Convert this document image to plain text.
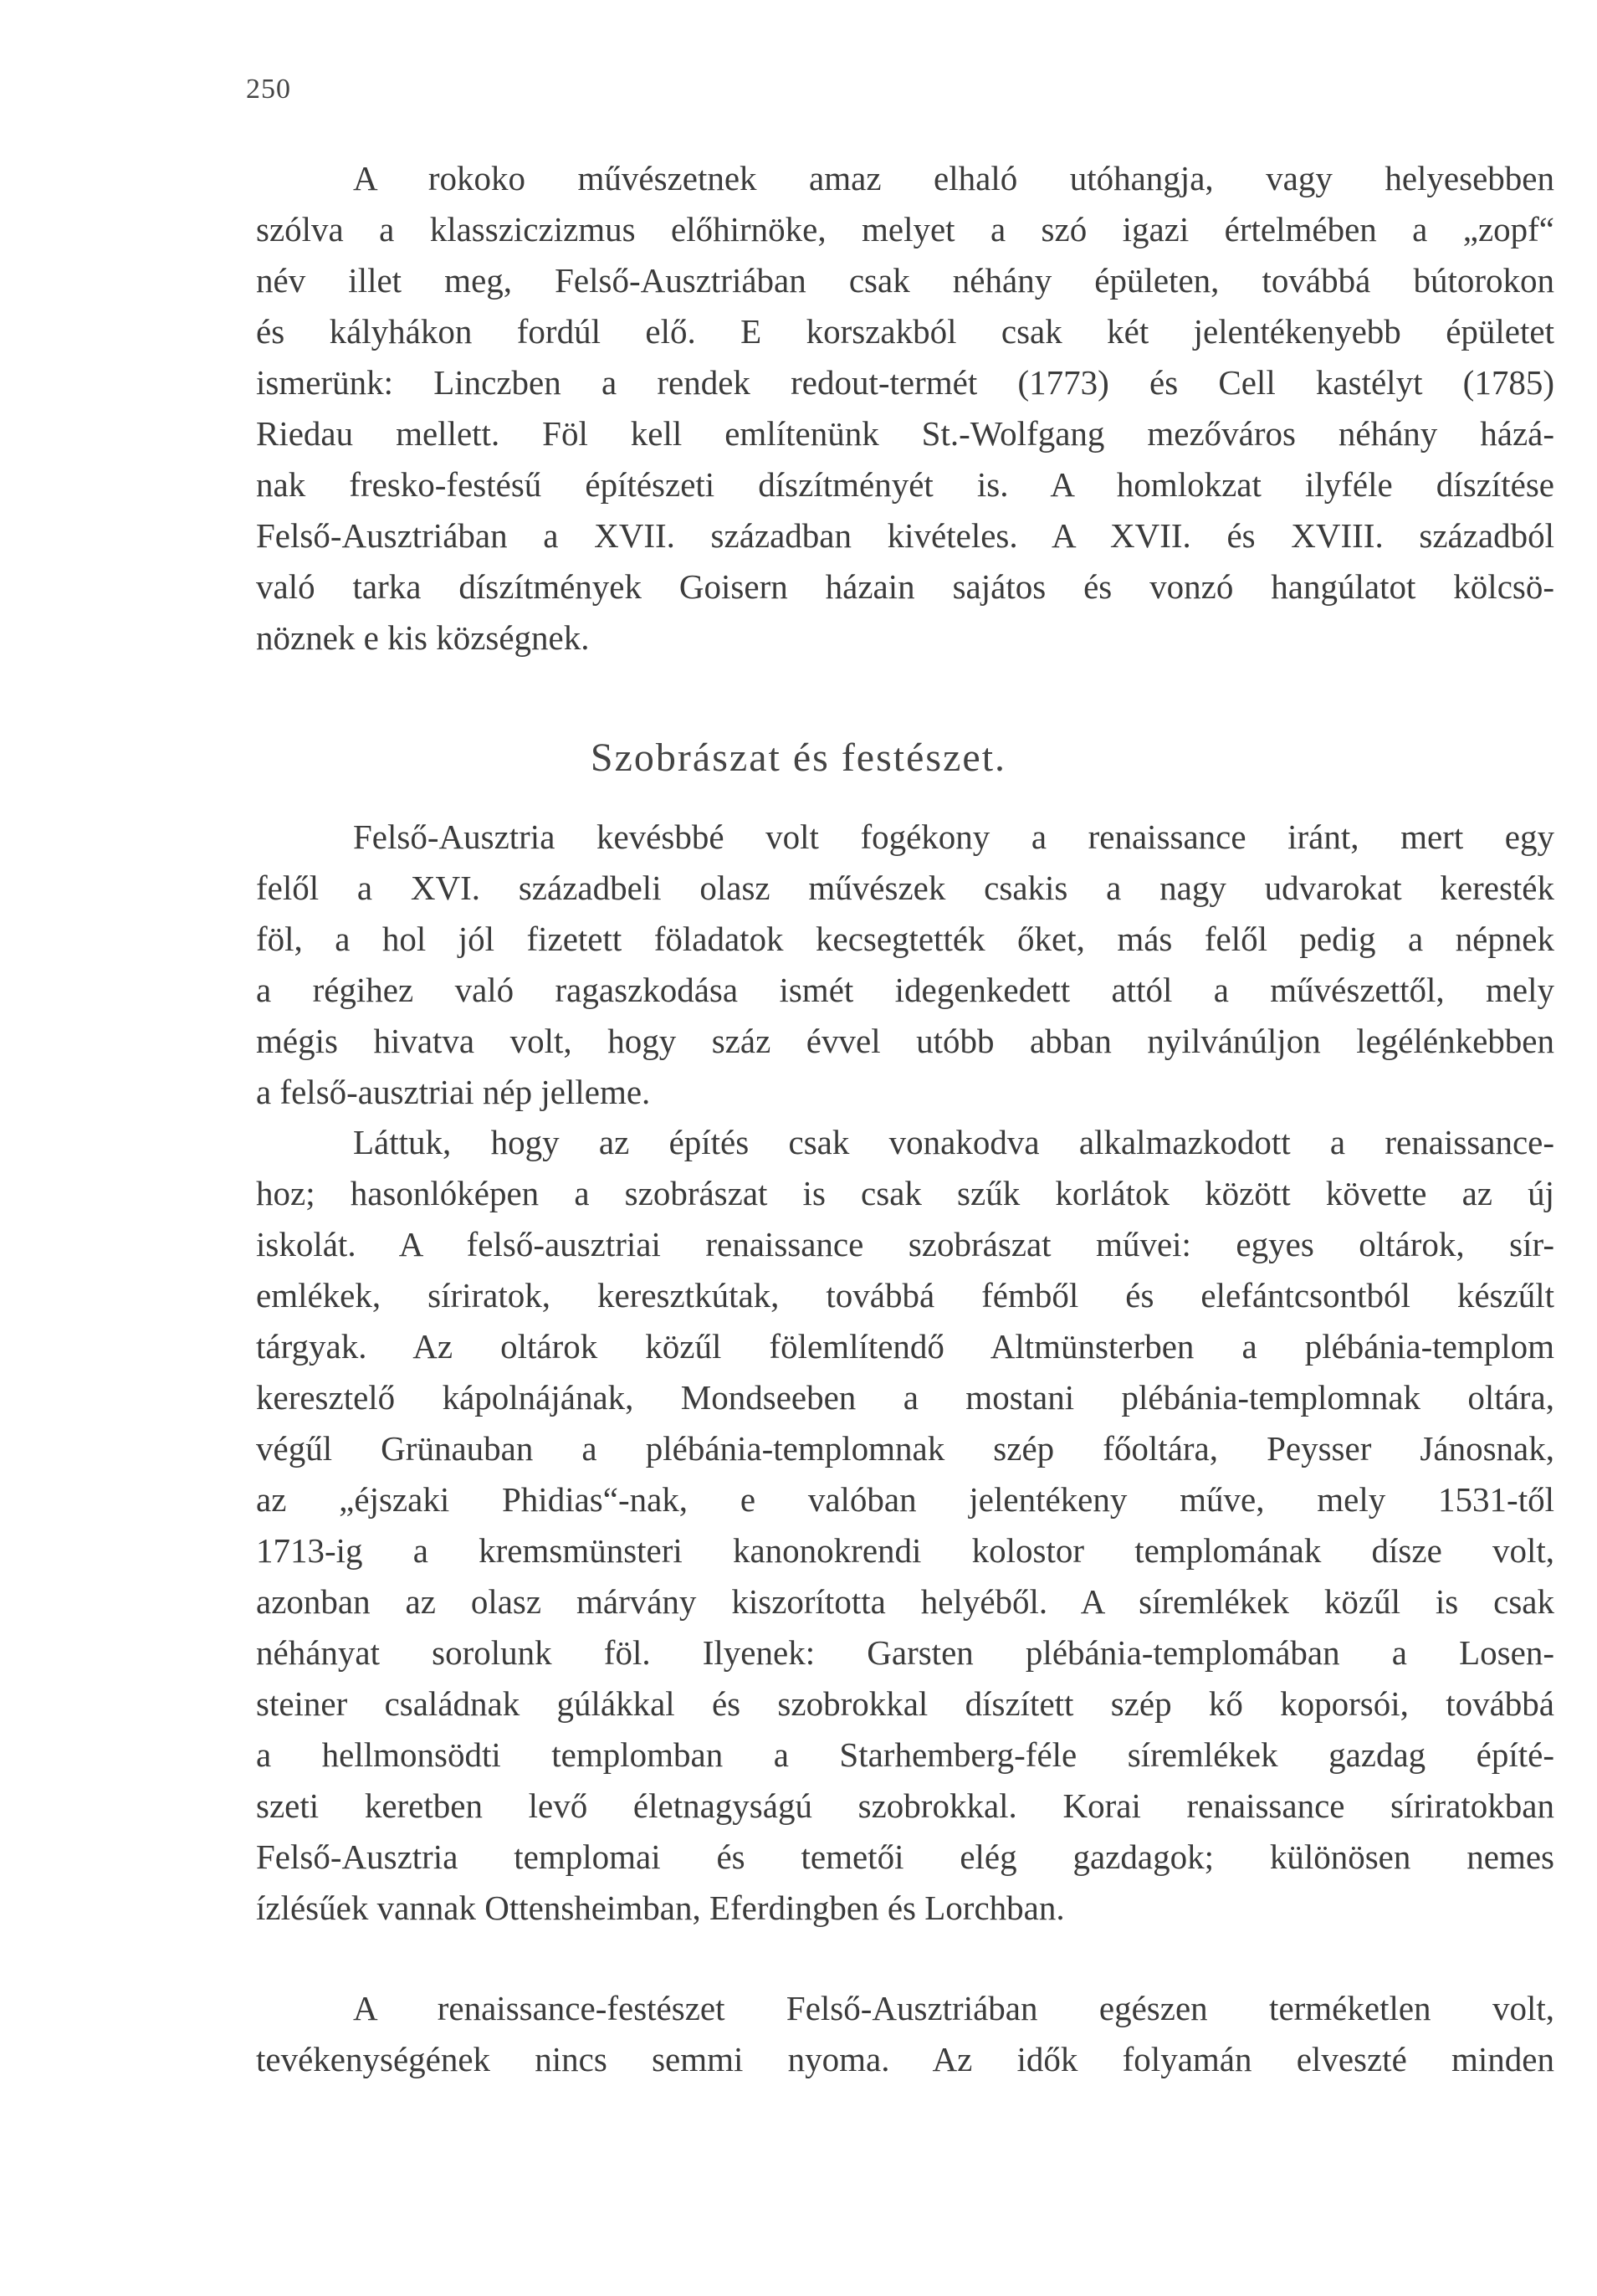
250
A rokoko művészetnek amaz elhaló utóhangja, vagy helyesebben
szólva a klassziczizmus előhirnöke, melyet a szó igazi értelmében a „zopf“
név illet meg, Felső-Ausztriában csak néhány épületen, továbbá bútorokon
és kályhákon fordúl elő. E korszakból csak két jelentékenyebb épületet
ismerünk: Linczben a rendek redout-termét (1773) és Cell kastélyt (1785)
Riedau mellett. Föl kell említenünk St.-Wolfgang mezőváros néhány házá-
nak fresko-festésű építészeti díszítményét is. A homlokzat ilyféle díszítése
Felső-Ausztriában a XVII. században kivételes. A XVII. és XVIII. századból
való tarka díszítmények Goisern házain sajátos és vonzó hangúlatot kölcsö-
nöznek e kis községnek.
Szobrászat és festészet.
Felső-Ausztria kevésbbé volt fogékony a renaissance iránt, mert egy
felől a XVI. századbeli olasz művészek csakis a nagy udvarokat keresték
föl, a hol jól fizetett föladatok kecsegtették őket, más felől pedig a népnek
a régihez való ragaszkodása ismét idegenkedett attól a művészettől, mely
mégis hivatva volt, hogy száz évvel utóbb abban nyilvánúljon legélénkebben
a felső-ausztriai nép jelleme.
Láttuk, hogy az építés csak vonakodva alkalmazkodott a renaissance-
hoz; hasonlóképen a szobrászat is csak szűk korlátok között követte az új
iskolát. A felső-ausztriai renaissance szobrászat művei: egyes oltárok, sír-
emlékek, síriratok, keresztkútak, továbbá fémből és elefántcsontból készűlt
tárgyak. Az oltárok közűl fölemlítendő Altmünsterben a plébánia-templom
keresztelő kápolnájának, Mondseeben a mostani plébánia-templomnak oltára,
végűl Grünauban a plébánia-templomnak szép főoltára, Peysser Jánosnak,
az „éjszaki Phidias“-nak, e valóban jelentékeny műve, mely 1531-től
1713-ig a kremsmünsteri kanonokrendi kolostor templomának dísze volt,
azonban az olasz márvány kiszorította helyéből. A síremlékek közűl is csak
néhányat sorolunk föl. Ilyenek: Garsten plébánia-templomában a Losen-
steiner családnak gúlákkal és szobrokkal díszített szép kő koporsói, továbbá
a hellmonsödti templomban a Starhemberg-féle síremlékek gazdag építé-
szeti keretben levő életnagyságú szobrokkal. Korai renaissance síriratokban
Felső-Ausztria templomai és temetői elég gazdagok; különösen nemes
ízlésűek vannak Ottensheimban, Eferdingben és Lorchban.
A renaissance-festészet Felső-Ausztriában egészen terméketlen volt,
tevékenységének nincs semmi nyoma. Az idők folyamán elveszté minden
